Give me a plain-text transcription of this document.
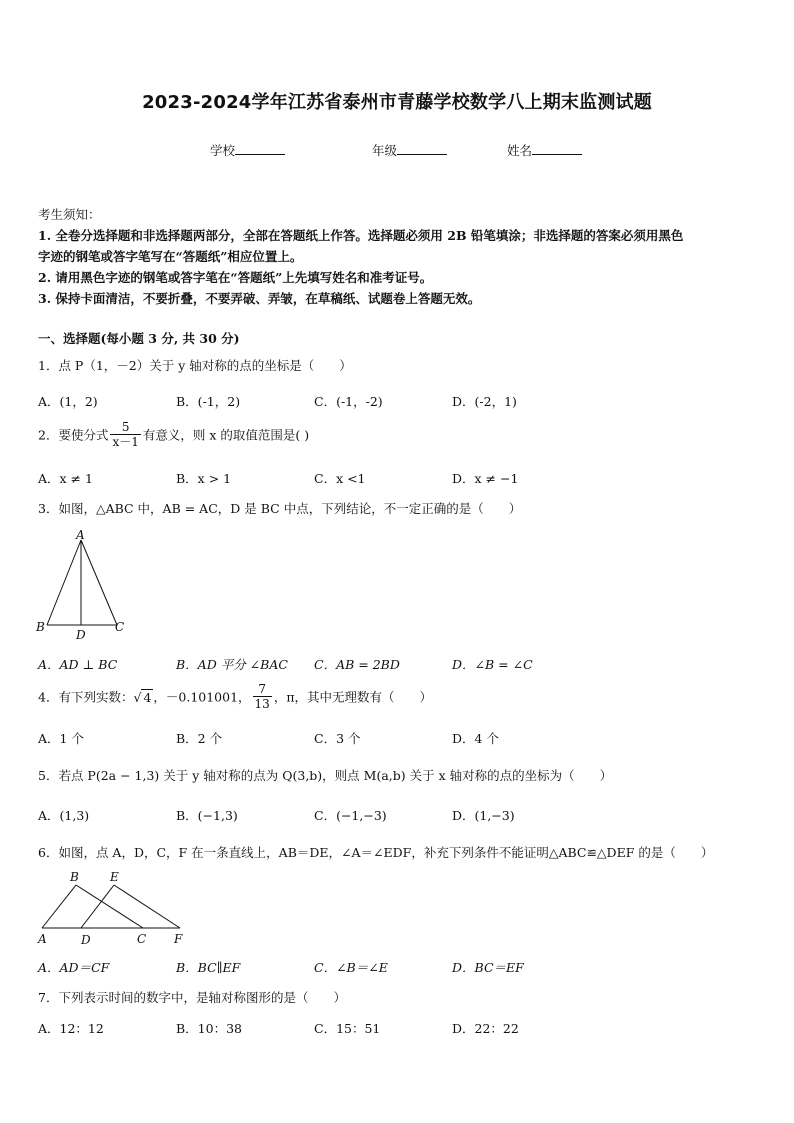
2023-2024学年江苏省泰州市青藤学校数学八上期末监测试题
学校	年级	姓名
考生须知：
1. 全卷分选择题和非选择题两部分，全部在答题纸上作答。选择题必须用 2B 铅笔填涂；非选择题的答案必须用黑色
字迹的钢笔或答字笔写在“答题纸”相应位置上。
2. 请用黑色字迹的钢笔或答字笔在“答题纸”上先填写姓名和准考证号。
3. 保持卡面清洁，不要折叠，不要弄破、弄皱，在草稿纸、试题卷上答题无效。
一、选择题(每小题 3 分, 共 30 分)
1．点 P（1，－2）关于 y 轴对称的点的坐标是（　　）
A．(1，2)	B．(-1，2)	C．(-1，-2)	D．(-2，1)
2．要使分式 $\frac{5}{x-1}$ 有意义，则 x 的取值范围是( )
A．x ≠ 1	B．x > 1	C．x <1	D．x ≠ −1
3．如图，△ABC 中，AB = AC，D 是 BC 中点，下列结论，不一定正确的是（　　）
A
B	C
D
A．AD ⊥ BC	B．AD 平分 ∠BAC C．AB = 2BD	D．∠B = ∠C
4．有下列实数：√ 4 ，－0.101001， $\frac{7}{13}$ ，π，其中无理数有（　　）
A．1 个	B．2 个	C．3 个	D．4 个
5．若点 P(2a − 1,3) 关于 y 轴对称的点为 Q(3,b)，则点 M(a,b) 关于 x 轴对称的点的坐标为（　　）
A．(1,3)	B．(−1,3)	C．(−1,−3)	D．(1,−3)
6．如图，点 A，D，C，F 在一条直线上，AB＝DE，∠A＝∠EDF，补充下列条件不能证明△ABC≌△DEF 的是（　　）
B	E
A	D	C F
A．AD＝CF	B．BC∥EF	C．∠B＝∠E	D．BC＝EF
7．下列表示时间的数字中，是轴对称图形的是（　　）
A．12：12	B．10：38	C．15：51	D．22：22
